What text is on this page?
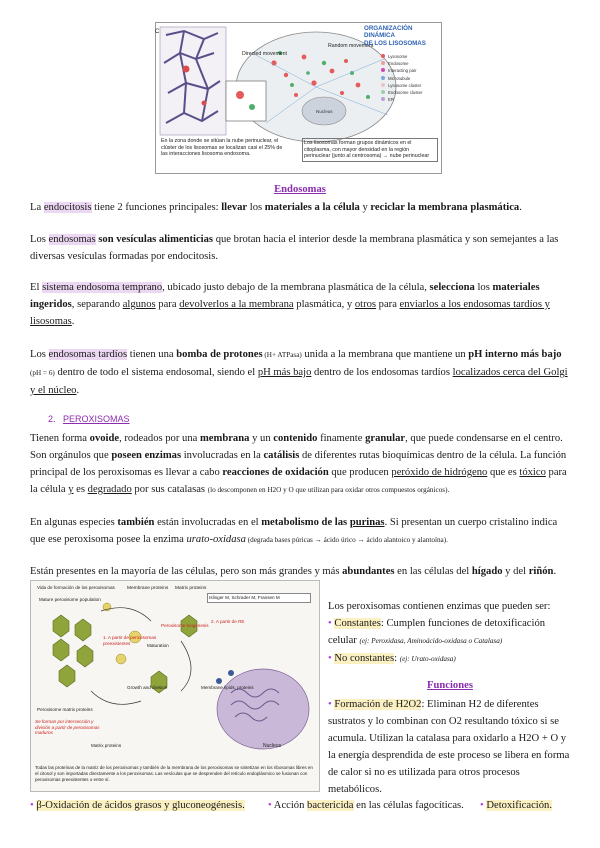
Directed movement
Random movement
Nucleus
C	ORGANIZACIÓN DINÁMICA
DE LOS LISOSOMAS
Lysosome
Endosome
Interacting pair
Microtubule
Lysosome cluster
Endosome cluster
ER
En la zona donde se sitúan la nube perinuclear, el clúster de los lisosomas se localizan casi el 25% de las interacciones lisosoma endosoma.
Los lisosomas forman grupos dinámicos en el citoplasma, con mayor densidad en la región perinuclear (junto al centrosoma) → nube perinuclear
Endosomas

La endocitosis tiene 2 funciones principales: llevar los materiales a la célula y reciclar la membrana plasmática.

Los endosomas son vesículas alimenticias que brotan hacia el interior desde la membrana plasmática y son semejantes a las diversas vesículas formadas por endocitosis.

El sistema endosoma temprano, ubicado justo debajo de la membrana plasmática de la célula, selecciona los materiales ingeridos, separando algunos para devolverlos a la membrana plasmática, y otros para enviarlos a los endosomas tardíos y lisosomas.

Los endosomas tardíos tienen una bomba de protones (H+ ATPasa) unida a la membrana que mantiene un pH interno más bajo (pH = 6) dentro de todo el sistema endosomal, siendo el pH más bajo dentro de los endosomas tardíos localizados cerca del Golgi y el núcleo.

2. PEROXISOMAS

Tienen forma ovoide, rodeados por una membrana y un contenido finamente granular, que puede condensarse en el centro. Son orgánulos que poseen enzimas involucradas en la catálisis de diferentes rutas bioquímicas dentro de la célula. La función principal de los peroxisomas es llevar a cabo reacciones de oxidación que producen peróxido de hidrógeno que es tóxico para la célula y es degradado por sus catalasas (lo descomponen en H2O y O que utilizan para oxidar otros compuestos orgánicos).

En algunas especies también están involucradas en el metabolismo de las purinas. Si presentan un cuerpo cristalino indica que ese peroxisoma posee la enzima urato-oxidasa (degrada bases púricas → ácido úrico → ácido alantoico y alantoína).

Están presentes en la mayoría de las células, pero son más grandes y más abundantes en las células del hígado y del riñón.

Vida de formación de los peroxisomas	Membrane proteins Matrix proteins
Mature peroxisome population
Maturation
Peroxisome biogenesis
Growth and division	Membrane lipids, proteins
Nucleus
Peroxisome matrix proteins
Matrix proteins
Islinger M, Schrader M, Fransen M
1. A partir de peroxisomas preexistentes
2. A partir de RE
Se forman por intersección y división a partir de peroxisomas maduros
Todas las proteínas de la matriz de los peroxisomas y también de la membrana de los peroxisomas se sintetizan en los ribosomas libres en el citosol y son importadas directamente a los peroxisomas. Las vesículas que se desprenden del retículo endoplásmico se fusionan con peroxisomas preexistentes o entre sí.

Los peroxisomas contienen enzimas que pueden ser:

• Constantes: Cumplen funciones de detoxificación celular (ej: Peroxidasa, Aminoácido-oxidasa o Catalasa)

• No constantes: (ej: Urato-oxidasa)

Funciones

• Formación de H2O2: Eliminan H2 de diferentes sustratos y lo combinan con O2 resultando tóxico si se acumula. Utilizan la catalasa para oxidarlo a H2O + O y la energía desprendida de este proceso se libera en forma de calor si no es utilizada para otros procesos metabólicos.

• β-Oxidación de ácidos grasos y gluconeogénesis. • Acción bactericida en las células fagocíticas. • Detoxificación.
